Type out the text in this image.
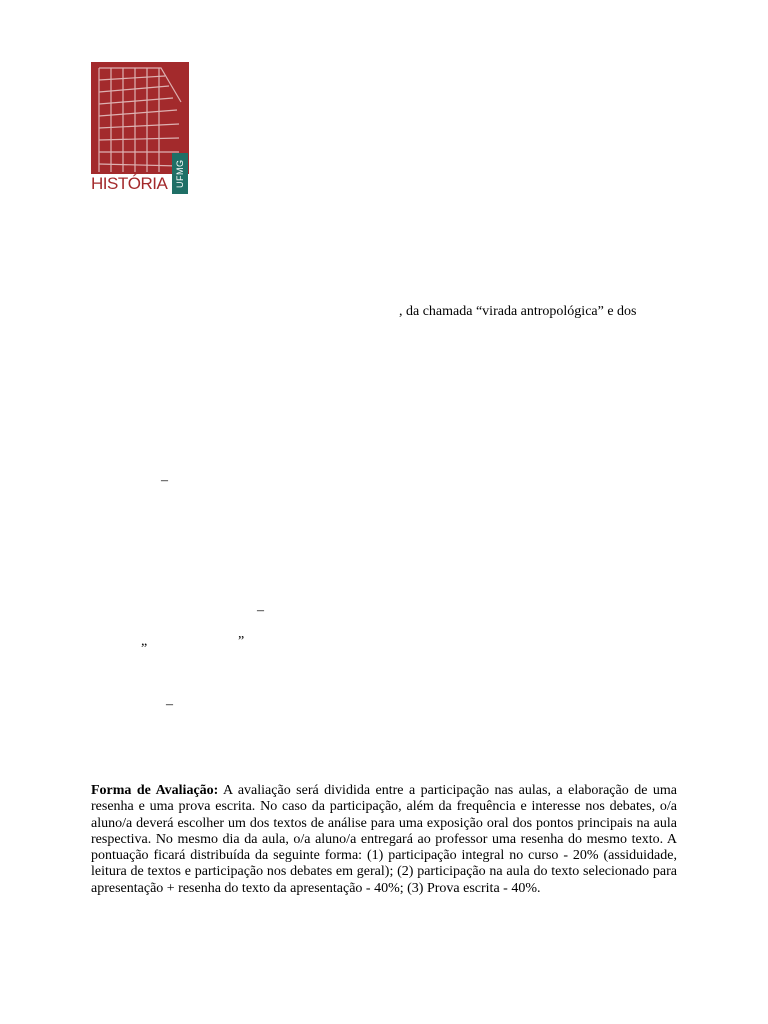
HISTÓRIA UFMG
, da chamada “virada antropológica” e dos
–
–
„	”
–
Forma de Avaliação: A avaliação será dividida entre a participação nas aulas, a elaboração de uma resenha e uma prova escrita. No caso da participação, além da frequência e interesse nos debates, o/a aluno/a deverá escolher um dos textos de análise para uma exposição oral dos pontos principais na aula respectiva. No mesmo dia da aula, o/a aluno/a entregará ao professor uma resenha do mesmo texto. A pontuação ficará distribuída da seguinte forma: (1) participação integral no curso - 20% (assiduidade, leitura de textos e participação nos debates em geral); (2) participação na aula do texto selecionado para apresentação + resenha do texto da apresentação - 40%; (3) Prova escrita - 40%.
